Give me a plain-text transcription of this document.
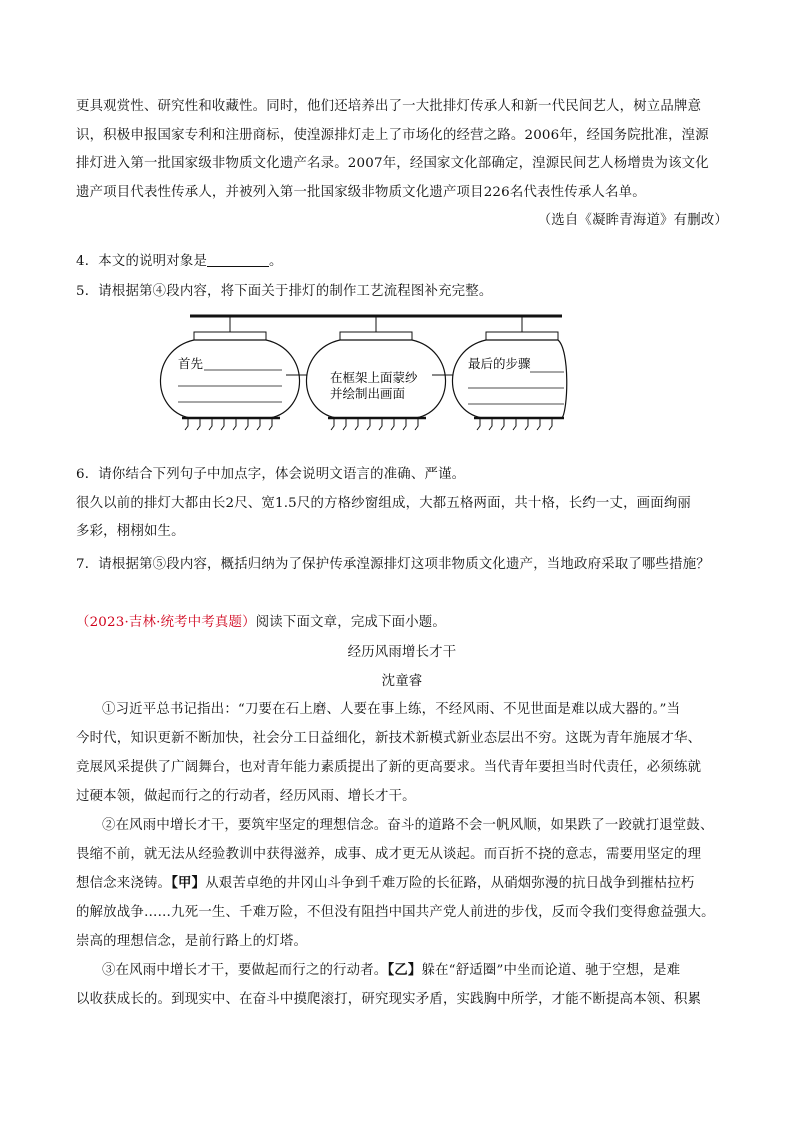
更具观赏性、研究性和收藏性。同时，他们还培养出了一大批排灯传承人和新一代民间艺人，树立品牌意
识，积极申报国家专利和注册商标，使湟源排灯走上了市场化的经营之路。2006年，经国务院批准，湟源
排灯进入第一批国家级非物质文化遗产名录。2007年，经国家文化部确定，湟源民间艺人杨增贵为该文化
遗产项目代表性传承人，并被列入第一批国家级非物质文化遗产项目226名代表性传承人名单。
（选自《凝眸青海道》有删改）
4．本文的说明对象是	。
5．请根据第④段内容，将下面关于排灯的制作工艺流程图补充完整。
首先
在框架上面蒙纱
并绘制出画面
最后的步骤
6．请你结合下列句子中加点字，体会说明文语言的准确、严谨。
很久以前的排灯大都由长2尺、宽1.5尺的方格纱窗组成，大都五格两面，共十格，长约一丈，画面绚丽
多彩，栩栩如生。
7．请根据第⑤段内容，概括归纳为了保护传承湟源排灯这项非物质文化遗产，当地政府采取了哪些措施？
（2023·吉林·统考中考真题）阅读下面文章，完成下面小题。
经历风雨增长才干
沈童睿
①习近平总书记指出：“刀要在石上磨、人要在事上练，不经风雨、不见世面是难以成大器的。”当
今时代，知识更新不断加快，社会分工日益细化，新技术新模式新业态层出不穷。这既为青年施展才华、
竞展风采提供了广阔舞台，也对青年能力素质提出了新的更高要求。当代青年要担当时代责任，必须练就
过硬本领，做起而行之的行动者，经历风雨、增长才干。
②在风雨中增长才干，要筑牢坚定的理想信念。奋斗的道路不会一帆风顺，如果跌了一跤就打退堂鼓、
畏缩不前，就无法从经验教训中获得滋养，成事、成才更无从谈起。而百折不挠的意志，需要用坚定的理
想信念来浇铸。【甲】从艰苦卓绝的井冈山斗争到千难万险的长征路，从硝烟弥漫的抗日战争到摧枯拉朽
的解放战争……九死一生、千难万险，不但没有阻挡中国共产党人前进的步伐，反而令我们变得愈益强大。
崇高的理想信念，是前行路上的灯塔。
③在风雨中增长才干，要做起而行之的行动者。【乙】躲在“舒适圈”中坐而论道、驰于空想，是难
以收获成长的。到现实中、在奋斗中摸爬滚打，研究现实矛盾，实践胸中所学，才能不断提高本领、积累
